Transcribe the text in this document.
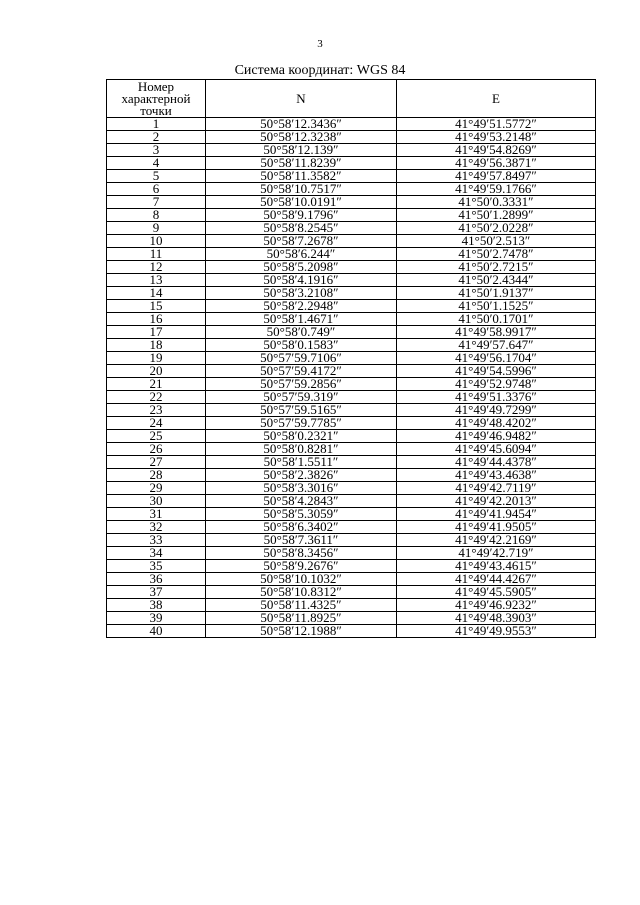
3
Система координат: WGS 84
Номер характерной точки	N	E
1	50°58′12.3436″	41°49′51.5772″
2	50°58′12.3238″	41°49′53.2148″
3	50°58′12.139″	41°49′54.8269″
4	50°58′11.8239″	41°49′56.3871″
5	50°58′11.3582″	41°49′57.8497″
6	50°58′10.7517″	41°49′59.1766″
7	50°58′10.0191″	41°50′0.3331″
8	50°58′9.1796″	41°50′1.2899″
9	50°58′8.2545″	41°50′2.0228″
10	50°58′7.2678″	41°50′2.513″
11	50°58′6.244″	41°50′2.7478″
12	50°58′5.2098″	41°50′2.7215″
13	50°58′4.1916″	41°50′2.4344″
14	50°58′3.2108″	41°50′1.9137″
15	50°58′2.2948″	41°50′1.1525″
16	50°58′1.4671″	41°50′0.1701″
17	50°58′0.749″	41°49′58.9917″
18	50°58′0.1583″	41°49′57.647″
19	50°57′59.7106″	41°49′56.1704″
20	50°57′59.4172″	41°49′54.5996″
21	50°57′59.2856″	41°49′52.9748″
22	50°57′59.319″	41°49′51.3376″
23	50°57′59.5165″	41°49′49.7299″
24	50°57′59.7785″	41°49′48.4202″
25	50°58′0.2321″	41°49′46.9482″
26	50°58′0.8281″	41°49′45.6094″
27	50°58′1.5511″	41°49′44.4378″
28	50°58′2.3826″	41°49′43.4638″
29	50°58′3.3016″	41°49′42.7119″
30	50°58′4.2843″	41°49′42.2013″
31	50°58′5.3059″	41°49′41.9454″
32	50°58′6.3402″	41°49′41.9505″
33	50°58′7.3611″	41°49′42.2169″
34	50°58′8.3456″	41°49′42.719″
35	50°58′9.2676″	41°49′43.4615″
36	50°58′10.1032″	41°49′44.4267″
37	50°58′10.8312″	41°49′45.5905″
38	50°58′11.4325″	41°49′46.9232″
39	50°58′11.8925″	41°49′48.3903″
40	50°58′12.1988″	41°49′49.9553″
